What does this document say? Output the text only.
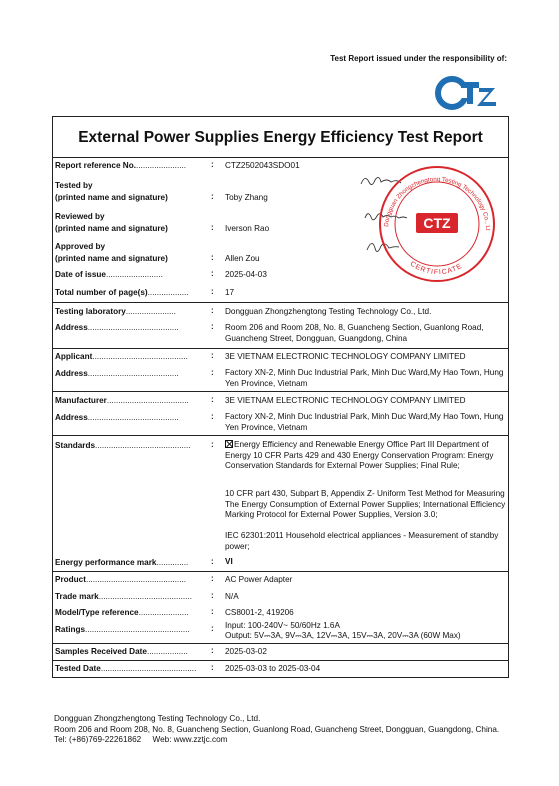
Test Report issued under the responsibility of:
External Power Supplies Energy Efficiency Test Report
Report reference No.......................	: CTZ2502043SDO01
Tested by
(printed name and signature)	: Toby Zhang
Reviewed by
(printed name and signature)	: Iverson Rao
Approved by
(printed name and signature)	: Allen Zou
Date of issue.........................	: 2025-04-03
Total number of page(s)..................	: 17
Testing laboratory......................	: Dongguan Zhongzhengtong Testing Technology Co., Ltd.
Address........................................	: Room 206 and Room 208, No. 8, Guancheng Section, Guanlong Road, Guancheng Street, Dongguan, Guangdong, China
Applicant..........................................	: 3E VIETNAM ELECTRONIC TECHNOLOGY COMPANY LIMITED
Address........................................	: Factory XN-2, Minh Duc Industrial Park, Minh Duc Ward,My Hao Town, Hung Yen Province, Vietnam
Manufacturer....................................	: 3E VIETNAM ELECTRONIC TECHNOLOGY COMPANY LIMITED
Address........................................	: Factory XN-2, Minh Duc Industrial Park, Minh Duc Ward,My Hao Town, Hung Yen Province, Vietnam
Standards..........................................	:	Energy Efficiency and Renewable Energy Office Part III Department of Energy 10 CFR Parts 429 and 430 Energy Conservation Program: Energy Conservation Standards for External Power Supplies; Final Rule;
10 CFR part 430, Subpart B, Appendix Z- Uniform Test Method for Measuring The Energy Consumption of External Power Supplies; International Efficiency Marking Protocol for External Power Supplies, Version 3.0;
IEC 62301:2011 Household electrical appliances - Measurement of standby power;
Energy performance mark..............	: VI
Product............................................	: AC Power Adapter
Trade mark......................................... : N/A
Model/Type reference......................	: CS8001-2, 419206
Ratings..............................................	: Input: 100-240V~ 50/60Hz 1.6A
Output: 5V⎓3A, 9V⎓3A, 12V⎓3A, 15V⎓3A, 20V⎓3A (60W Max)
Samples Received Date..................	: 2025-03-02
Tested Date.......................................... : 2025-03-03 to 2025-03-04
Dongguan Zhongzhengtong Testing Technology Co., Lt
CERTIFICATE
CTZ
Dongguan Zhongzhengtong Testing Technology Co., Ltd.
Room 206 and Room 208, No. 8, Guancheng Section, Guanlong Road, Guancheng Street, Dongguan, Guangdong, China.
Tel: (+86)769-22261862     Web: www.zztjc.com
